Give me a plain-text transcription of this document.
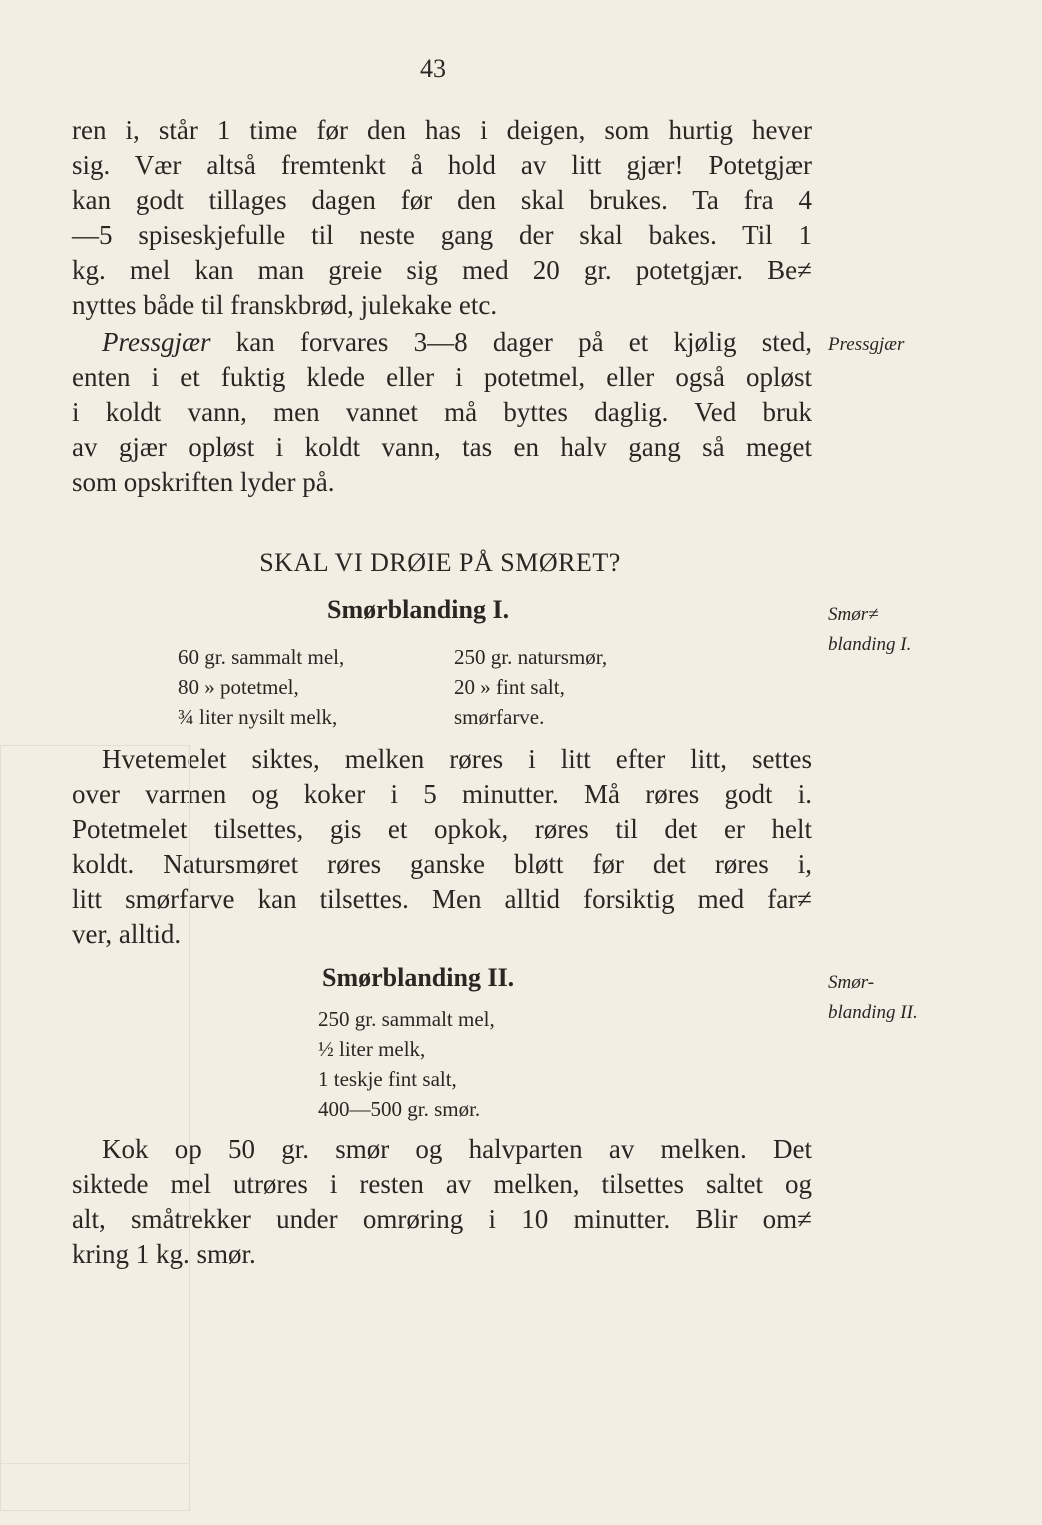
43
ren i, står 1 time før den has i deigen, som hurtig hever
sig. Vær altså fremtenkt å hold av litt gjær! Potetgjær
kan godt tillages dagen før den skal brukes. Ta fra 4
—5 spiseskjefulle til neste gang der skal bakes. Til 1
kg. mel kan man greie sig med 20 gr. potetgjær. Be≠
nyttes både til franskbrød, julekake etc.
Pressgjær kan forvares 3—8 dager på et kjølig sted,
enten i et fuktig klede eller i potetmel, eller også opløst
i koldt vann, men vannet må byttes daglig. Ved bruk
av gjær opløst i koldt vann, tas en halv gang så meget
som opskriften lyder på.
Pressgjær
SKAL VI DRØIE PÅ SMØRET?
Smørblanding I.	Smør≠
blanding I.
60 gr. sammalt mel,
80 » potetmel,
¾ liter nysilt melk,
250 gr. natursmør,
20 » fint salt,
smørfarve.
Hvetemelet siktes, melken røres i litt efter litt, settes
over varmen og koker i 5 minutter. Må røres godt i.
Potetmelet tilsettes, gis et opkok, røres til det er helt
koldt. Natursmøret røres ganske bløtt før det røres i,
litt smørfarve kan tilsettes. Men alltid forsiktig med far≠
ver, alltid.
Smørblanding II.	Smør-
blanding II.
250 gr. sammalt mel,
½ liter melk,
1 teskje fint salt,
400—500 gr. smør.
Kok op 50 gr. smør og halvparten av melken. Det
siktede mel utrøres i resten av melken, tilsettes saltet og
alt, småtrekker under omrøring i 10 minutter. Blir om≠
kring 1 kg. smør.
